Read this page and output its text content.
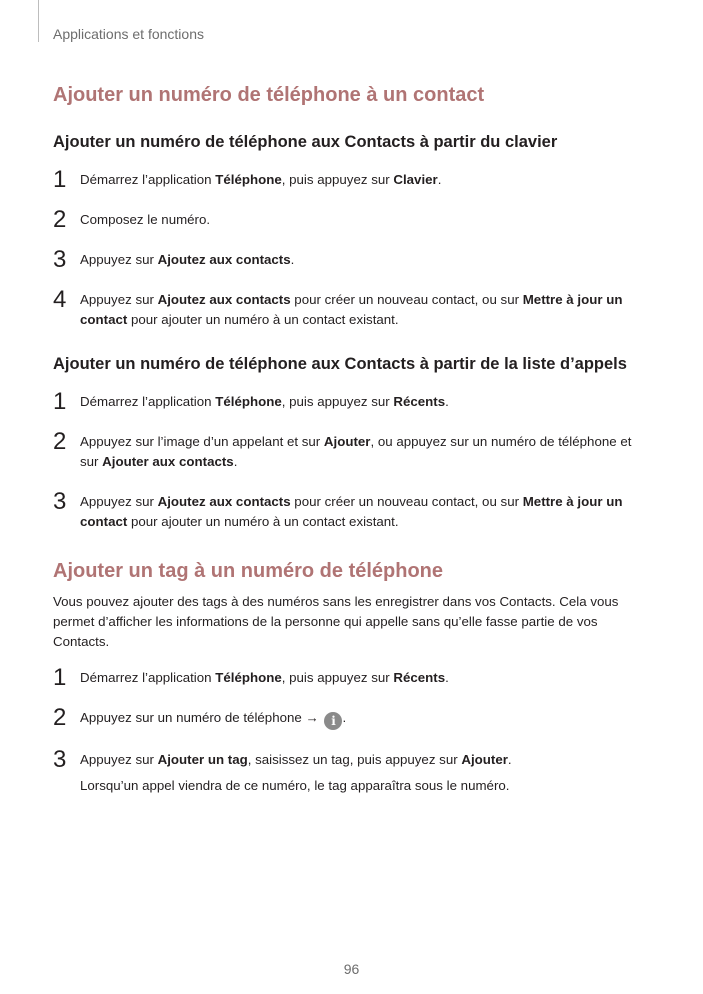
Applications et fonctions
Ajouter un numéro de téléphone à un contact
Ajouter un numéro de téléphone aux Contacts à partir du clavier
1 Démarrez l’application Téléphone, puis appuyez sur Clavier.
2 Composez le numéro.
3 Appuyez sur Ajoutez aux contacts.
4 Appuyez sur Ajoutez aux contacts pour créer un nouveau contact, ou sur Mettre à jour un contact pour ajouter un numéro à un contact existant.
Ajouter un numéro de téléphone aux Contacts à partir de la liste d’appels
1 Démarrez l’application Téléphone, puis appuyez sur Récents.
2 Appuyez sur l’image d’un appelant et sur Ajouter, ou appuyez sur un numéro de téléphone et sur Ajouter aux contacts.
3 Appuyez sur Ajoutez aux contacts pour créer un nouveau contact, ou sur Mettre à jour un contact pour ajouter un numéro à un contact existant.
Ajouter un tag à un numéro de téléphone

Vous pouvez ajouter des tags à des numéros sans les enregistrer dans vos Contacts. Cela vous permet d’afficher les informations de la personne qui appelle sans qu’elle fasse partie de vos Contacts.

1 Démarrez l’application Téléphone, puis appuyez sur Récents.
2 Appuyez sur un numéro de téléphone → i .
3 Appuyez sur Ajouter un tag, saisissez un tag, puis appuyez sur Ajouter.
Lorsqu’un appel viendra de ce numéro, le tag apparaîtra sous le numéro.
96
